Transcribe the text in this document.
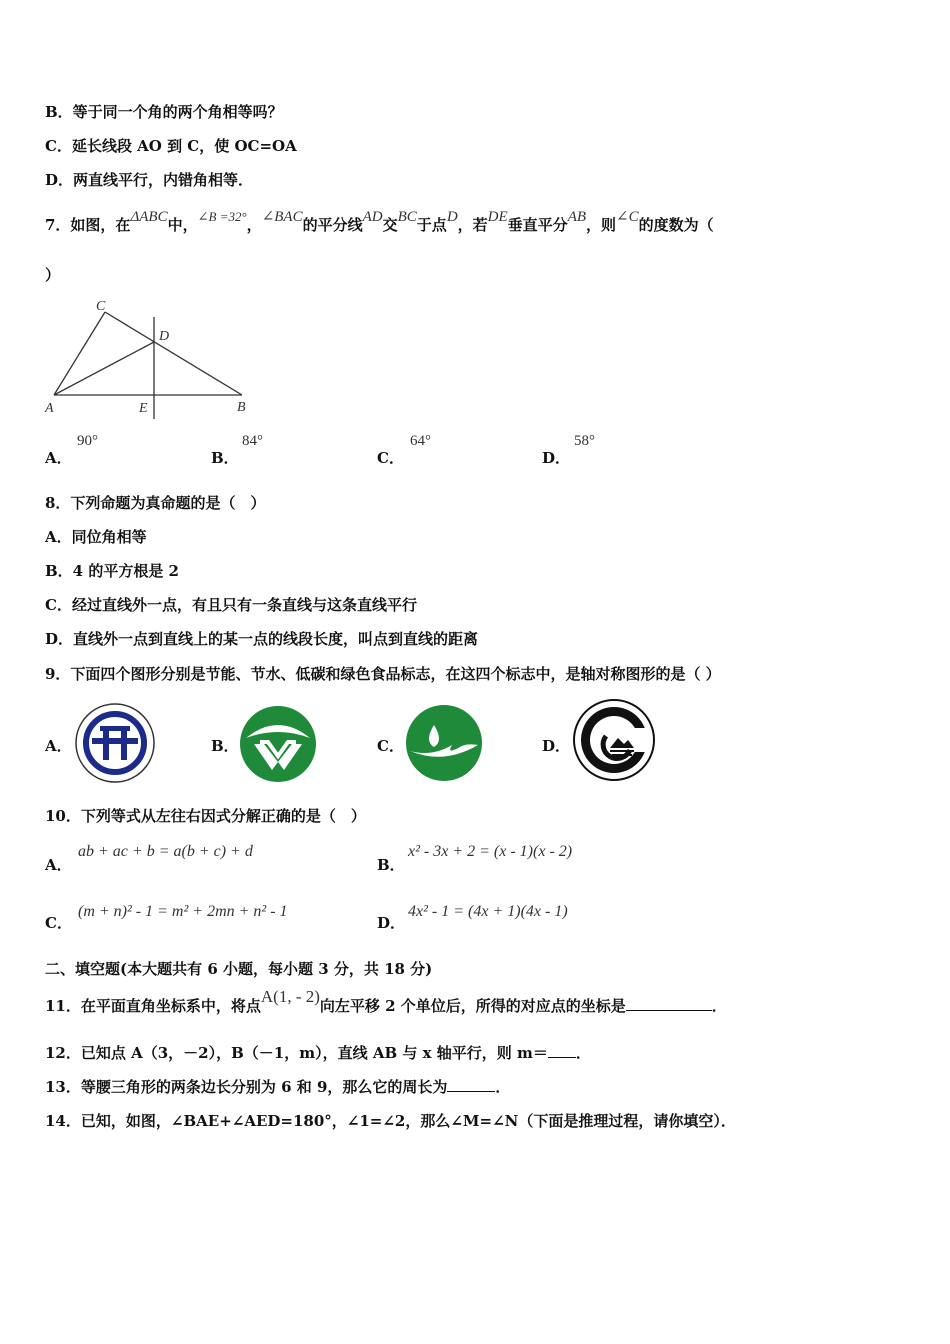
B．等于同一个角的两个角相等吗？
C．延长线段 AO 到 C，使 OC=OA
D．两直线平行，内错角相等．
7．如图，在ΔABC中，∠B =32°，∠BAC的平分线AD交BC于点D，若DE垂直平分AB，则∠C的度数为（
）
C
D
A	E	B
A．
90°
B．
84°
C．
64°
D．
58°
8．下列命题为真命题的是（　）
A．同位角相等
B．4 的平方根是 2
C．经过直线外一点，有且只有一条直线与这条直线平行
D．直线外一点到直线上的某一点的线段长度，叫点到直线的距离
9．下面四个图形分别是节能、节水、低碳和绿色食品标志，在这四个标志中，是轴对称图形的是（ ）
A．	B．	C．	D．
10．下列等式从左往右因式分解正确的是（　）
A．
ab + ac + b = a(b + c) + d
B．
x² - 3x + 2 = (x - 1)(x - 2)
C．
(m + n)² - 1 = m² + 2mn + n² - 1
D．
4x² - 1 = (4x + 1)(4x - 1)
二、填空题(本大题共有 6 小题，每小题 3 分，共 18 分)
11．在平面直角坐标系中，将点A(1, - 2)向左平移 2 个单位后，所得的对应点的坐标是	．
12．已知点 A（3，－2），B（－1，m），直线 AB 与 x 轴平行，则 m＝ ．
13．等腰三角形的两条边长分别为 6 和 9，那么它的周长为	．
14．已知，如图，∠BAE+∠AED=180°，∠1=∠2，那么∠M=∠N（下面是推理过程，请你填空）．
